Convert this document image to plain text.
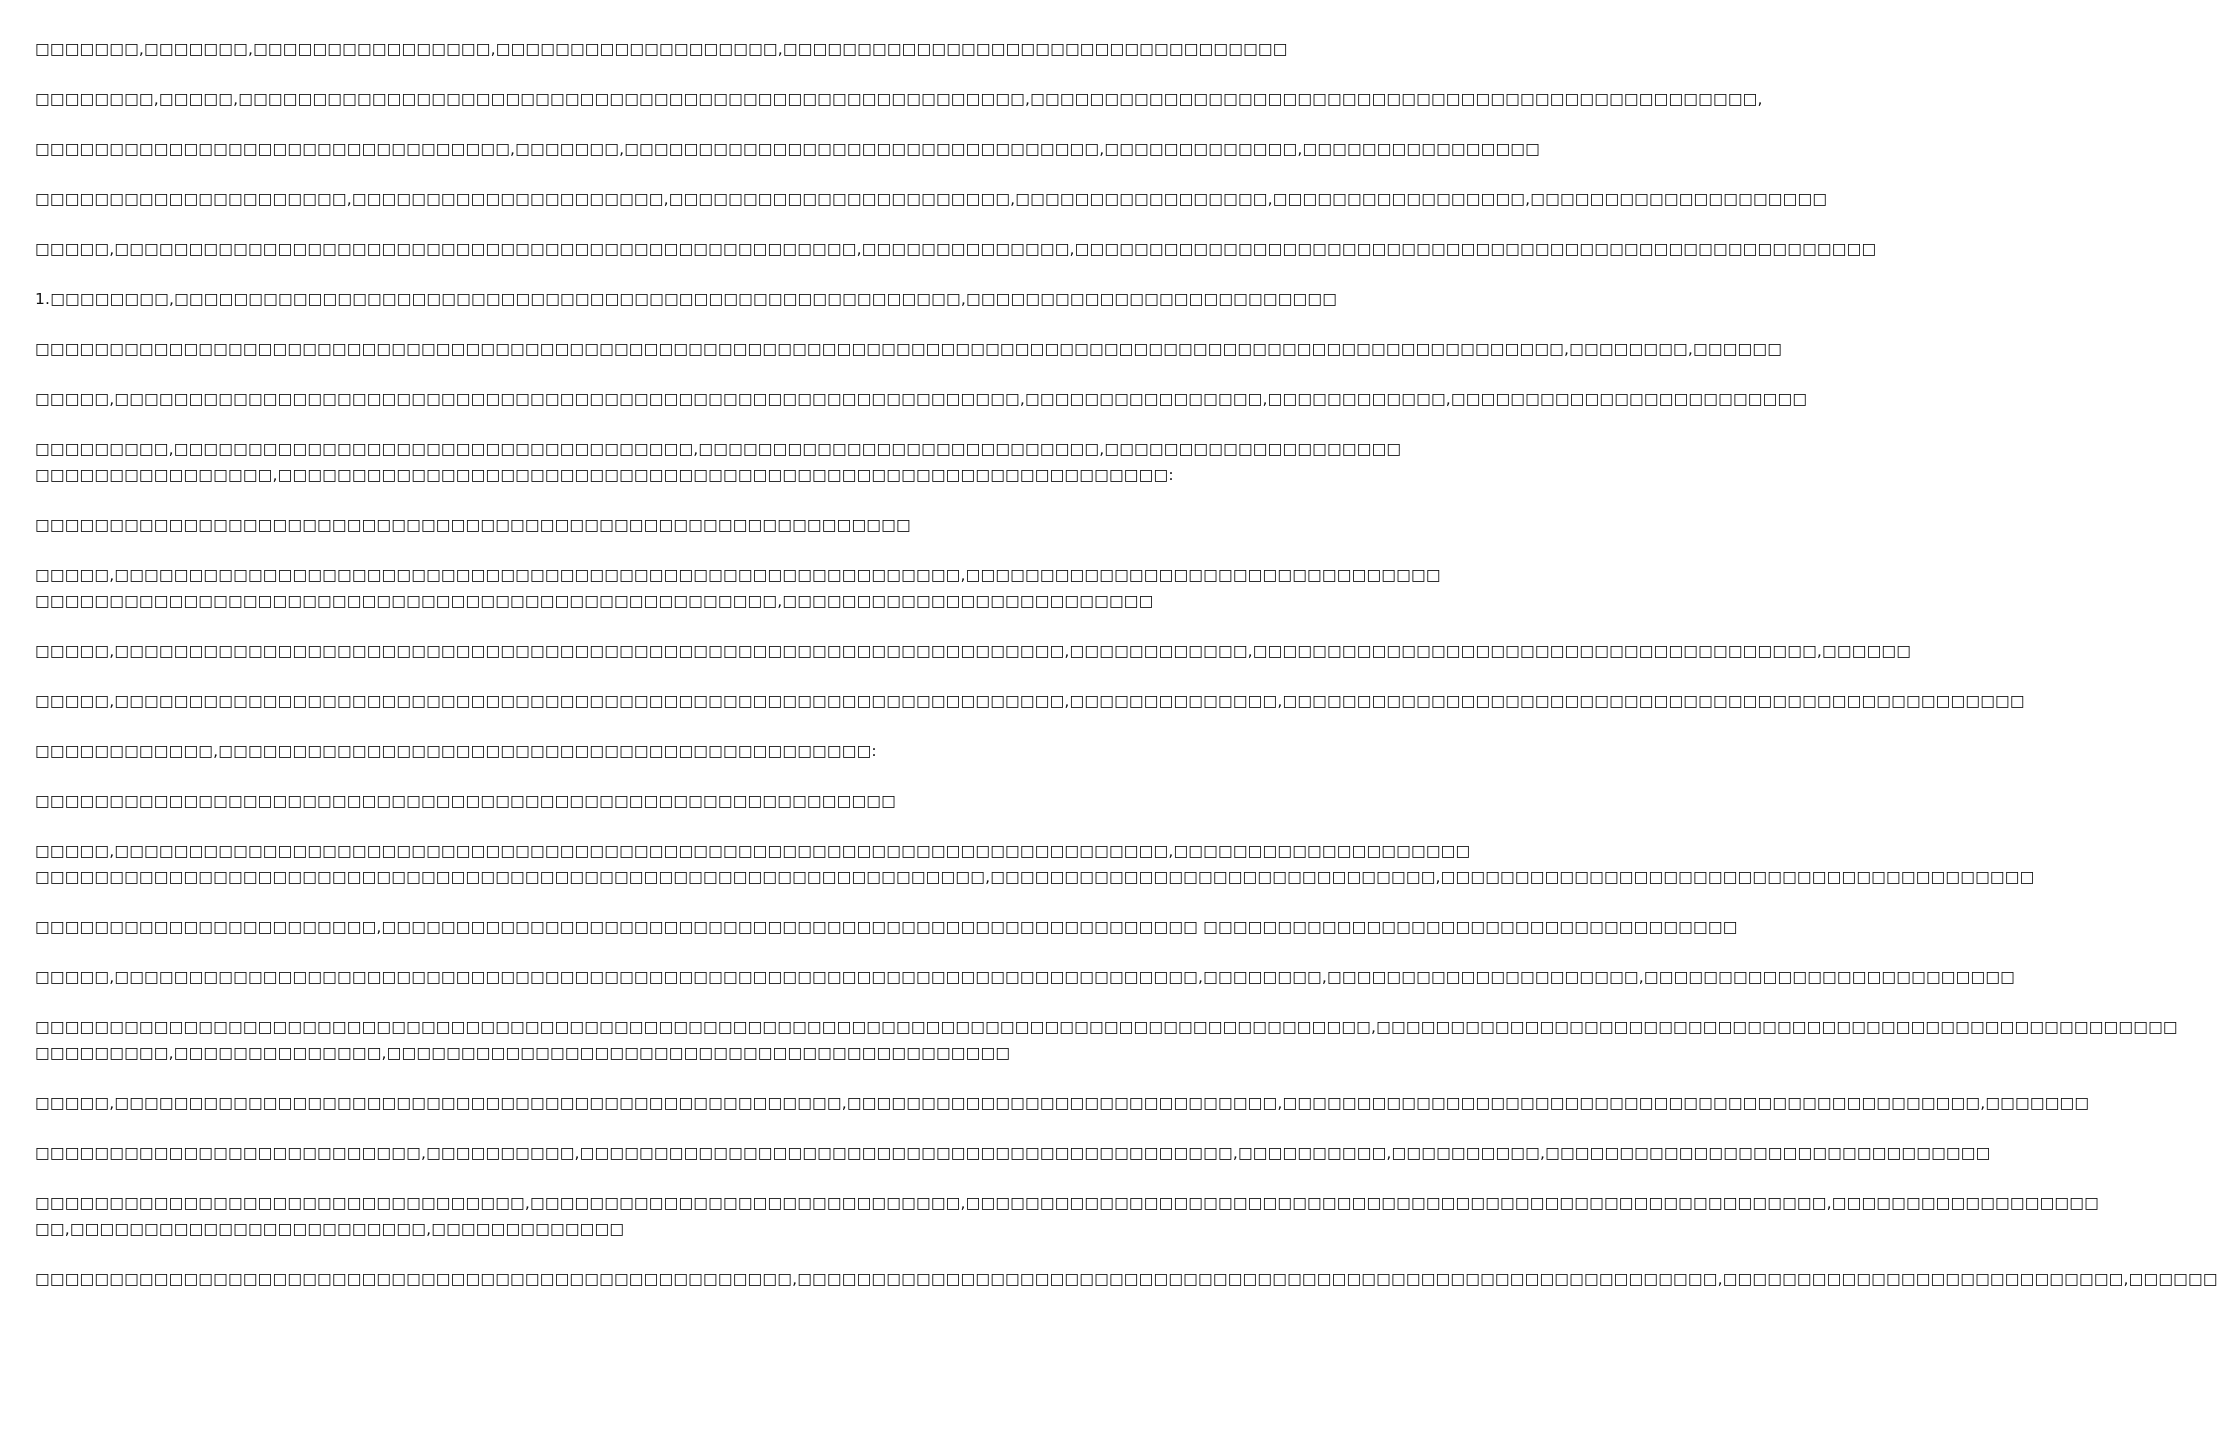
□□□□□□□,□□□□□□□,□□□□□□□□□□□□□□□□,□□□□□□□□□□□□□□□□□□□,□□□□□□□□□□□□□□□□□□□□□□□□□□□□□□□□□□

□□□□□□□□,□□□□□,□□□□□□□□□□□□□□□□□□□□□□□□□□□□□□□□□□□□□□□□□□□□□□□□□□□□□,□□□□□□□□□□□□□□□□□□□□□□□□□□□□□□□□□□□□□□□□□□□□□□□□□,

□□□□□□□□□□□□□□□□□□□□□□□□□□□□□□□□,□□□□□□□,□□□□□□□□□□□□□□□□□□□□□□□□□□□□□□□□,□□□□□□□□□□□□□,□□□□□□□□□□□□□□□□

□□□□□□□□□□□□□□□□□□□□□,□□□□□□□□□□□□□□□□□□□□□,□□□□□□□□□□□□□□□□□□□□□□□,□□□□□□□□□□□□□□□□□,□□□□□□□□□□□□□□□□□,□□□□□□□□□□□□□□□□□□□□

□□□□□,□□□□□□□□□□□□□□□□□□□□□□□□□□□□□□□□□□□□□□□□□□□□□□□□□□,□□□□□□□□□□□□□□,□□□□□□□□□□□□□□□□□□□□□□□□□□□□□□□□□□□□□□□□□□□□□□□□□□□□□□

1.□□□□□□□□,□□□□□□□□□□□□□□□□□□□□□□□□□□□□□□□□□□□□□□□□□□□□□□□□□□□□□,□□□□□□□□□□□□□□□□□□□□□□□□□

□□□□□□□□□□□□□□□□□□□□□□□□□□□□□□□□□□□□□□□□□□□□□□□□□□□□□□□□□□□□□□□□□□□□□□□□□□□□□□□□□□□□□□□□□□□□□□□□□□□□□□□,□□□□□□□□,□□□□□□

□□□□□,□□□□□□□□□□□□□□□□□□□□□□□□□□□□□□□□□□□□□□□□□□□□□□□□□□□□□□□□□□□□□,□□□□□□□□□□□□□□□□,□□□□□□□□□□□□,□□□□□□□□□□□□□□□□□□□□□□□□

□□□□□□□□□,□□□□□□□□□□□□□□□□□□□□□□□□□□□□□□□□□□□,□□□□□□□□□□□□□□□□□□□□□□□□□□□,□□□□□□□□□□□□□□□□□□□□
□□□□□□□□□□□□□□□□,□□□□□□□□□□□□□□□□□□□□□□□□□□□□□□□□□□□□□□□□□□□□□□□□□□□□□□□□□□□□:

□□□□□□□□□□□□□□□□□□□□□□□□□□□□□□□□□□□□□□□□□□□□□□□□□□□□□□□□□□□

□□□□□,□□□□□□□□□□□□□□□□□□□□□□□□□□□□□□□□□□□□□□□□□□□□□□□□□□□□□□□□□,□□□□□□□□□□□□□□□□□□□□□□□□□□□□□□□□
□□□□□□□□□□□□□□□□□□□□□□□□□□□□□□□□□□□□□□□□□□□□□□□□□□,□□□□□□□□□□□□□□□□□□□□□□□□□

□□□□□,□□□□□□□□□□□□□□□□□□□□□□□□□□□□□□□□□□□□□□□□□□□□□□□□□□□□□□□□□□□□□□□□,□□□□□□□□□□□□,□□□□□□□□□□□□□□□□□□□□□□□□□□□□□□□□□□□□□□,□□□□□□

□□□□□,□□□□□□□□□□□□□□□□□□□□□□□□□□□□□□□□□□□□□□□□□□□□□□□□□□□□□□□□□□□□□□□□,□□□□□□□□□□□□□□,□□□□□□□□□□□□□□□□□□□□□□□□□□□□□□□□□□□□□□□□□□□□□□□□□□

□□□□□□□□□□□□,□□□□□□□□□□□□□□□□□□□□□□□□□□□□□□□□□□□□□□□□□□□□:

□□□□□□□□□□□□□□□□□□□□□□□□□□□□□□□□□□□□□□□□□□□□□□□□□□□□□□□□□□

□□□□□,□□□□□□□□□□□□□□□□□□□□□□□□□□□□□□□□□□□□□□□□□□□□□□□□□□□□□□□□□□□□□□□□□□□□□□□,□□□□□□□□□□□□□□□□□□□□
□□□□□□□□□□□□□□□□□□□□□□□□□□□□□□□□□□□□□□□□□□□□□□□□□□□□□□□□□□□□□□□□,□□□□□□□□□□□□□□□□□□□□□□□□□□□□□□,□□□□□□□□□□□□□□□□□□□□□□□□□□□□□□□□□□□□□□□□

□□□□□□□□□□□□□□□□□□□□□□□,□□□□□□□□□□□□□□□□□□□□□□□□□□□□□□□□□□□□□□□□□□□□□□□□□□□□□□□ □□□□□□□□□□□□□□□□□□□□□□□□□□□□□□□□□□□□

□□□□□,□□□□□□□□□□□□□□□□□□□□□□□□□□□□□□□□□□□□□□□□□□□□□□□□□□□□□□□□□□□□□□□□□□□□□□□□□,□□□□□□□□,□□□□□□□□□□□□□□□□□□□□□,□□□□□□□□□□□□□□□□□□□□□□□□□

□□□□□□□□□□□□□□□□□□□□□□□□□□□□□□□□□□□□□□□□□□□□□□□□□□□□□□□□□□□□□□□□□□□□□□□□□□□□□□□□□□□□□□□□□□,□□□□□□□□□□□□□□□□□□□□□□□□□□□□□□□□□□□□□□□□□□□□□□□□□□□□□□
□□□□□□□□□,□□□□□□□□□□□□□□,□□□□□□□□□□□□□□□□□□□□□□□□□□□□□□□□□□□□□□□□□□

□□□□□,□□□□□□□□□□□□□□□□□□□□□□□□□□□□□□□□□□□□□□□□□□□□□□□□□,□□□□□□□□□□□□□□□□□□□□□□□□□□□□□,□□□□□□□□□□□□□□□□□□□□□□□□□□□□□□□□□□□□□□□□□□□□□□□,□□□□□□□

□□□□□□□□□□□□□□□□□□□□□□□□□□,□□□□□□□□□□,□□□□□□□□□□□□□□□□□□□□□□□□□□□□□□□□□□□□□□□□□□□□,□□□□□□□□□□,□□□□□□□□□□,□□□□□□□□□□□□□□□□□□□□□□□□□□□□□□

□□□□□□□□□□□□□□□□□□□□□□□□□□□□□□□□□,□□□□□□□□□□□□□□□□□□□□□□□□□□□□□,□□□□□□□□□□□□□□□□□□□□□□□□□□□□□□□□□□□□□□□□□□□□□□□□□□□□□□□□□□,□□□□□□□□□□□□□□□□□□
□□,□□□□□□□□□□□□□□□□□□□□□□□□,□□□□□□□□□□□□□

□□□□□□□□□□□□□□□□□□□□□□□□□□□□□□□□□□□□□□□□□□□□□□□□□□□,□□□□□□□□□□□□□□□□□□□□□□□□□□□□□□□□□□□□□□□□□□□□□□□□□□□□□□□□□□□□□□,□□□□□□□□□□□□□□□□□□□□□□□□□□□,□□□□□□
